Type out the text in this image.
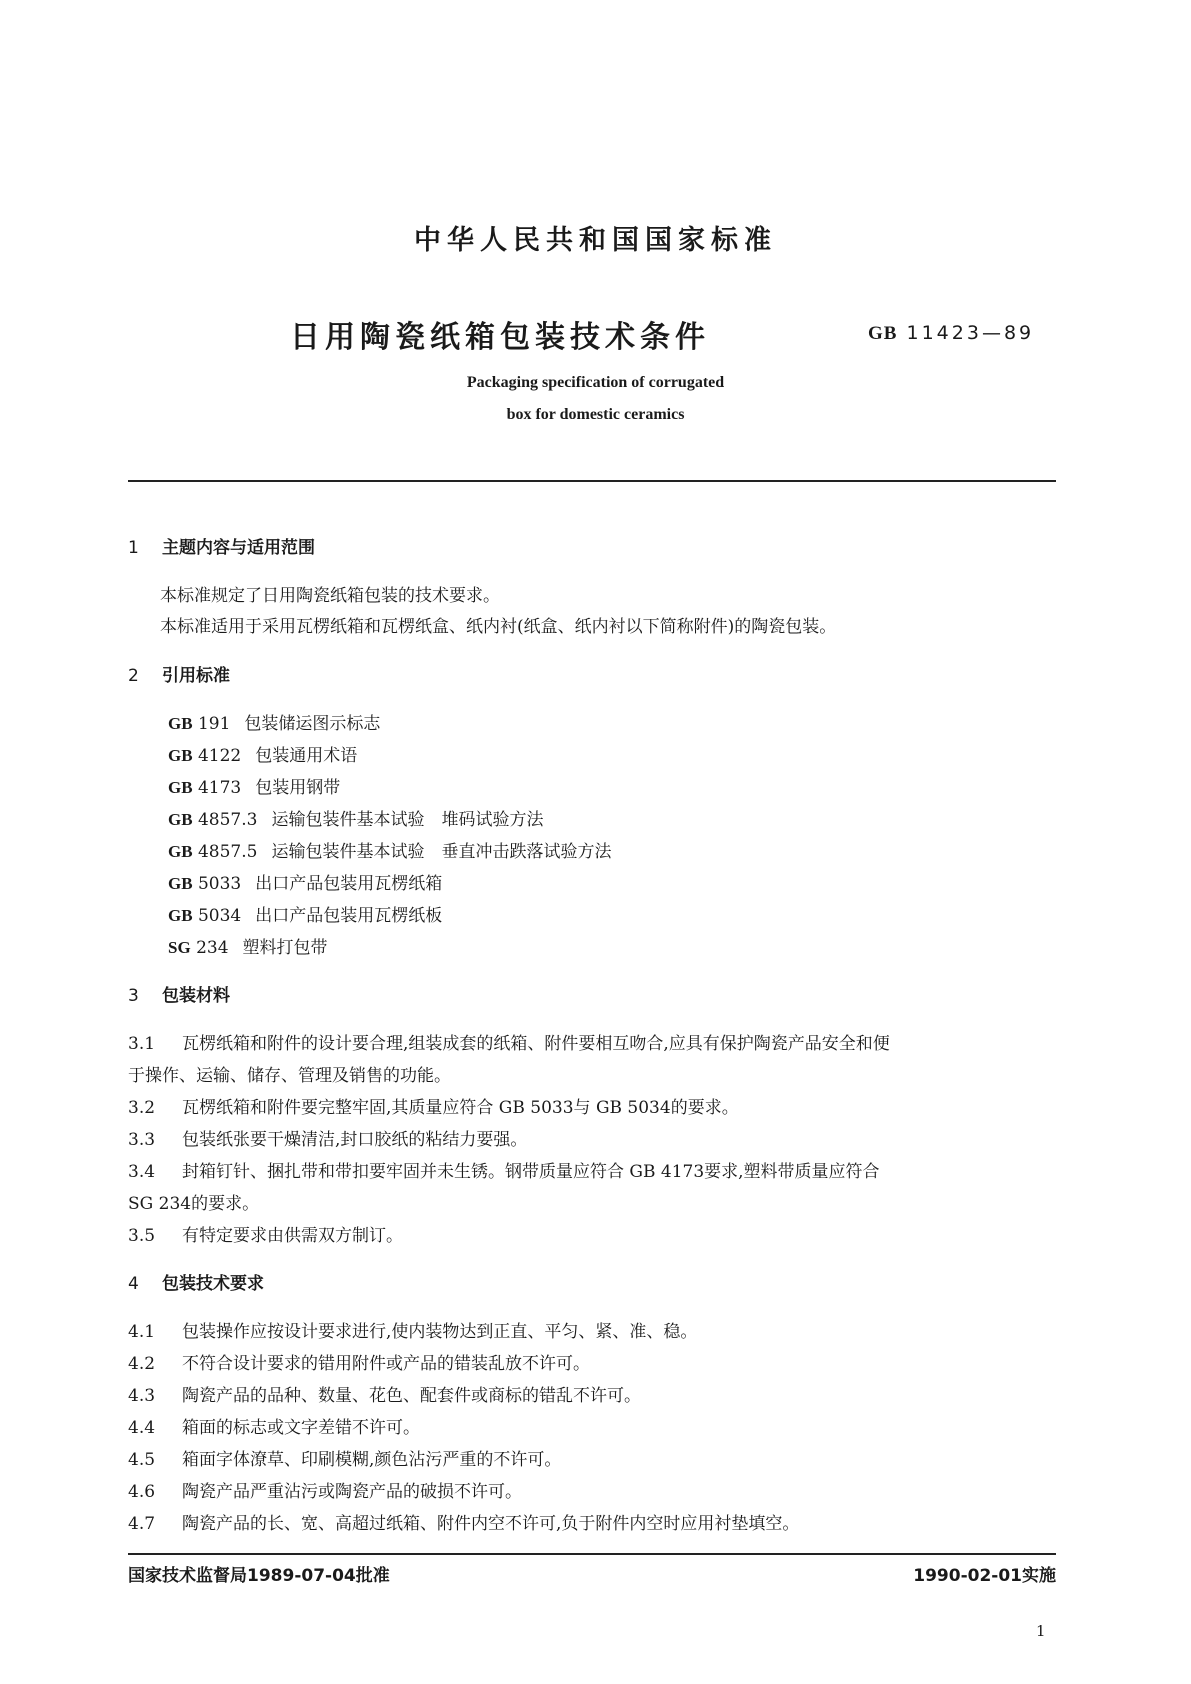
中华人民共和国国家标准
日用陶瓷纸箱包装技术条件	GB 11423—89
Packaging specification of corrugated
box for domestic ceramics
1 主题内容与适用范围
本标准规定了日用陶瓷纸箱包装的技术要求。
本标准适用于采用瓦楞纸箱和瓦楞纸盒、纸内衬(纸盒、纸内衬以下简称附件)的陶瓷包装。
2 引用标准
GB 191 包装储运图示标志
GB 4122 包装通用术语
GB 4173 包装用钢带
GB 4857.3 运输包装件基本试验　堆码试验方法
GB 4857.5 运输包装件基本试验　垂直冲击跌落试验方法
GB 5033 出口产品包装用瓦楞纸箱
GB 5034 出口产品包装用瓦楞纸板
SG 234 塑料打包带
3 包装材料
3.1 瓦楞纸箱和附件的设计要合理,组装成套的纸箱、附件要相互吻合,应具有保护陶瓷产品安全和便
于操作、运输、储存、管理及销售的功能。
3.2 瓦楞纸箱和附件要完整牢固,其质量应符合 GB 5033与 GB 5034的要求。
3.3 包装纸张要干燥清洁,封口胶纸的粘结力要强。
3.4 封箱钉针、捆扎带和带扣要牢固并未生锈。钢带质量应符合 GB 4173要求,塑料带质量应符合
SG 234的要求。
3.5 有特定要求由供需双方制订。
4 包装技术要求
4.1 包装操作应按设计要求进行,使内装物达到正直、平匀、紧、准、稳。
4.2 不符合设计要求的错用附件或产品的错装乱放不许可。
4.3 陶瓷产品的品种、数量、花色、配套件或商标的错乱不许可。
4.4 箱面的标志或文字差错不许可。
4.5 箱面字体潦草、印刷模糊,颜色沾污严重的不许可。
4.6 陶瓷产品严重沾污或陶瓷产品的破损不许可。
4.7 陶瓷产品的长、宽、高超过纸箱、附件内空不许可,负于附件内空时应用衬垫填空。
国家技术监督局1989-07-04批准	1990-02-01实施
1
